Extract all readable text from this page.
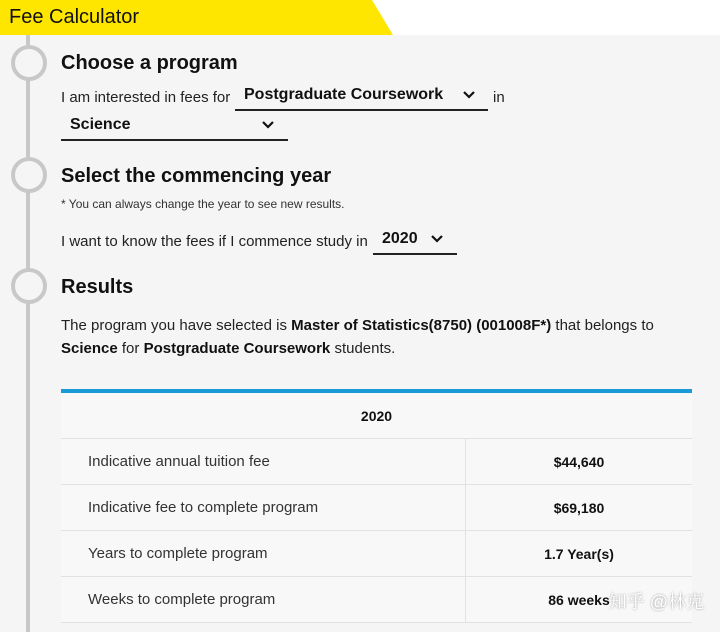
Fee Calculator
Choose a program
I am interested in fees for Postgraduate Coursework	in
Science
Select the commencing year
* You can always change the year to see new results.
I want to know the fees if I commence study in 2020
Results
The program you have selected is Master of Statistics(8750) (001008F*) that belongs to
Science for Postgraduate Coursework students.
2020
Indicative annual tuition fee	$44,640
Indicative fee to complete program	$69,180
Years to complete program	1.7 Year(s)
Weeks to complete program	86 weeks
知乎 @林克
